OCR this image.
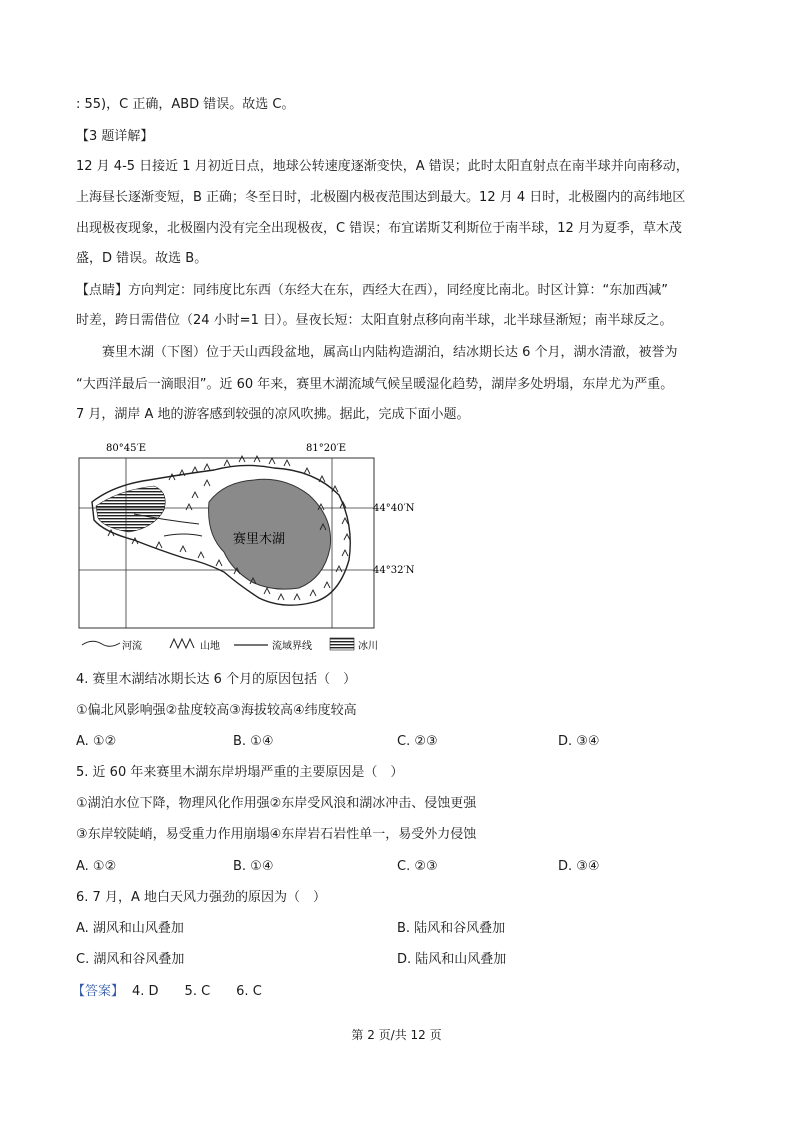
: 55)，C 正确，ABD 错误。故选 C。
【3 题详解】
12 月 4-5 日接近 1 月初近日点，地球公转速度逐渐变快，A 错误；此时太阳直射点在南半球并向南移动，
上海昼长逐渐变短，B 正确；冬至日时，北极圈内极夜范围达到最大。12 月 4 日时，北极圈内的高纬地区
出现极夜现象，北极圈内没有完全出现极夜，C 错误；布宜诺斯艾利斯位于南半球，12 月为夏季，草木茂
盛，D 错误。故选 B。
【点睛】方向判定：同纬度比东西（东经大在东，西经大在西），同经度比南北。时区计算：“东加西减”
时差，跨日需借位（24 小时=1 日）。昼夜长短：太阳直射点移向南半球，北半球昼渐短；南半球反之。
赛里木湖（下图）位于天山西段盆地，属高山内陆构造湖泊，结冰期长达 6 个月，湖水清澈，被誉为
“大西洋最后一滴眼泪”。近 60 年来，赛里木湖流域气候呈暖湿化趋势，湖岸多处坍塌，东岸尤为严重。
7 月，湖岸 A 地的游客感到较强的凉风吹拂。据此，完成下面小题。
80°45′E	81°20′E
44°40′N
44°32′N
赛里木湖
河流	山地	流域界线	冰川
4. 赛里木湖结冰期长达 6 个月的原因包括（　）
①偏北风影响强②盐度较高③海拔较高④纬度较高
A. ①②	B. ①④	C. ②③	D. ③④
5. 近 60 年来赛里木湖东岸坍塌严重的主要原因是（　）
①湖泊水位下降，物理风化作用强②东岸受风浪和湖冰冲击、侵蚀更强
③东岸较陡峭，易受重力作用崩塌④东岸岩石岩性单一，易受外力侵蚀
A. ①②	B. ①④	C. ②③	D. ③④
6. 7 月，A 地白天风力强劲的原因为（　）
A. 湖风和山风叠加	B. 陆风和谷风叠加
C. 湖风和谷风叠加	D. 陆风和山风叠加
【答案】 4. D　　5. C　　6. C
第 2 页/共 12 页
